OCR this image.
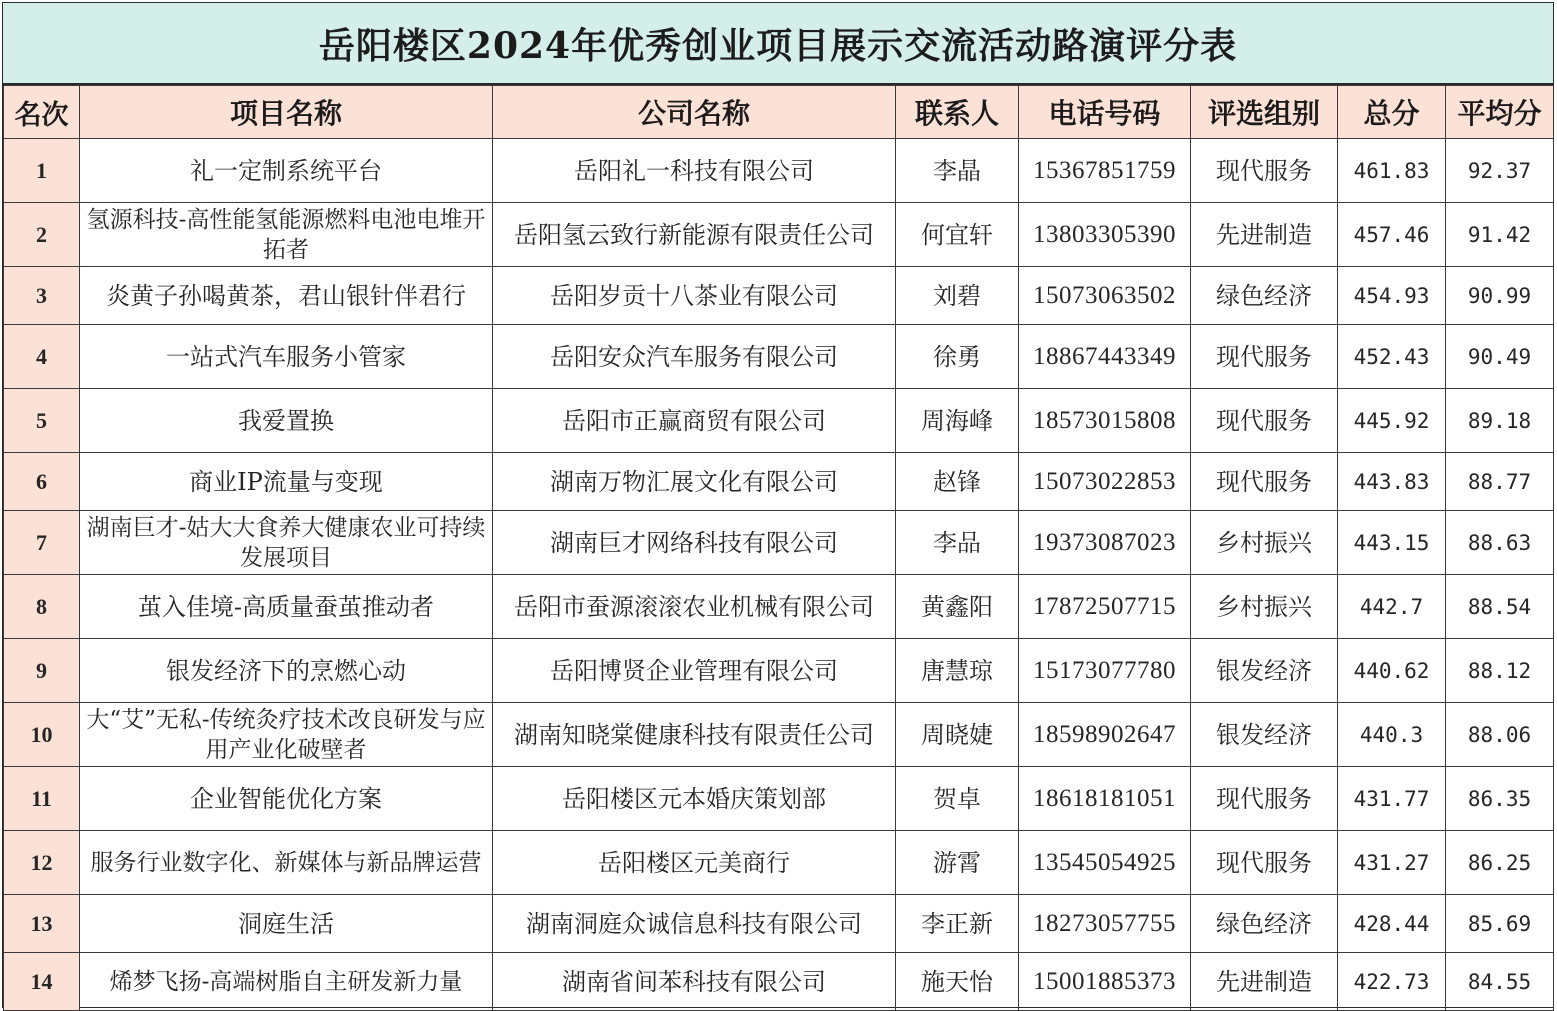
岳阳楼区2024年优秀创业项目展示交流活动路演评分表
名次	项目名称	公司名称	联系人	电话号码	评选组别	总分	平均分
1	礼一定制系统平台	岳阳礼一科技有限公司	李晶	15367851759	现代服务	461.83	92.37
2	氢源科技-高性能氢能源燃料电池电堆开拓者	岳阳氢云致行新能源有限责任公司	何宜轩	13803305390	先进制造	457.46	91.42
3	炎黄子孙喝黄茶，君山银针伴君行	岳阳岁贡十八茶业有限公司	刘碧	15073063502	绿色经济	454.93	90.99
4	一站式汽车服务小管家	岳阳安众汽车服务有限公司	徐勇	18867443349	现代服务	452.43	90.49
5	我爱置换	岳阳市正赢商贸有限公司	周海峰	18573015808	现代服务	445.92	89.18
6	商业IP流量与变现	湖南万物汇展文化有限公司	赵锋	15073022853	现代服务	443.83	88.77
7	湖南巨才-姑大大食养大健康农业可持续发展项目	湖南巨才网络科技有限公司	李品	19373087023	乡村振兴	443.15	88.63
8	茧入佳境-高质量蚕茧推动者	岳阳市蚕源滚滚农业机械有限公司	黄鑫阳	17872507715	乡村振兴	442.7	88.54
9	银发经济下的烹燃心动	岳阳博贤企业管理有限公司	唐慧琼	15173077780	银发经济	440.62	88.12
10	大“艾”无私-传统灸疗技术改良研发与应用产业化破壁者	湖南知晓棠健康科技有限责任公司	周晓婕	18598902647	银发经济	440.3	88.06
11	企业智能优化方案	岳阳楼区元本婚庆策划部	贺卓	18618181051	现代服务	431.77	86.35
12	服务行业数字化、新媒体与新品牌运营	岳阳楼区元美商行	游霄	13545054925	现代服务	431.27	86.25
13	洞庭生活	湖南洞庭众诚信息科技有限公司	李正新	18273057755	绿色经济	428.44	85.69
14	烯梦飞扬-高端树脂自主研发新力量	湖南省间苯科技有限公司	施天怡	15001885373	先进制造	422.73	84.55
